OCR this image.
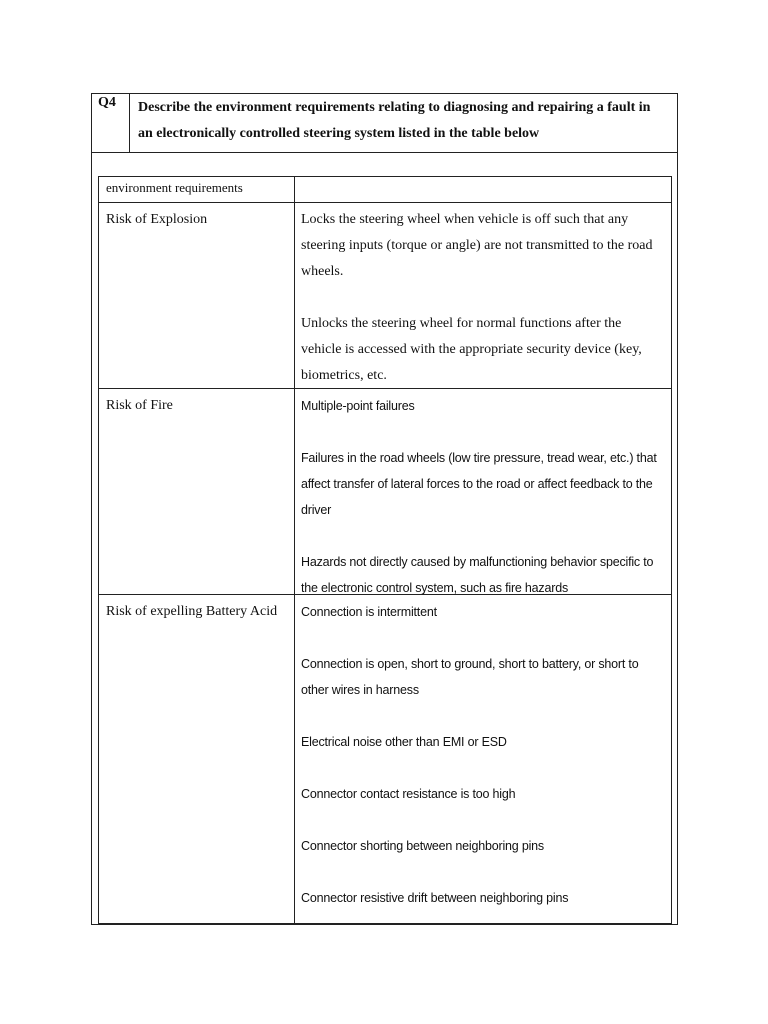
Q4	Describe the environment requirements relating to diagnosing and repairing a fault in an electronically controlled steering system listed in the table below
environment requirements
Risk of Explosion	Locks the steering wheel when vehicle is off such that any steering inputs (torque or angle) are not transmitted to the road wheels.

Unlocks the steering wheel for normal functions after the vehicle is accessed with the appropriate security device (key, biometrics, etc.

Risk of Fire	Multiple-point failures

Failures in the road wheels (low tire pressure, tread wear, etc.) that affect transfer of lateral forces to the road or affect feedback to the driver

Hazards not directly caused by malfunctioning behavior specific to the electronic control system, such as fire hazards

Risk of expelling Battery Acid	Connection is intermittent

Connection is open, short to ground, short to battery, or short to other wires in harness

Electrical noise other than EMI or ESD

Connector contact resistance is too high

Connector shorting between neighboring pins

Connector resistive drift between neighboring pins
